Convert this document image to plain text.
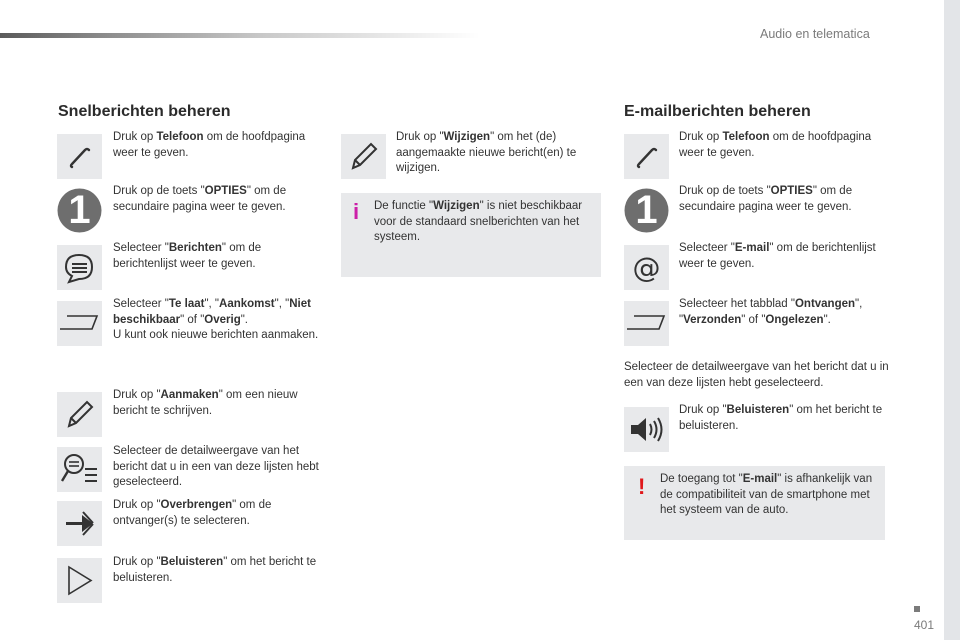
Audio en telematica
Snelberichten beheren
Druk op Telefoon om de hoofdpagina weer te geven.
1	Druk op de toets "OPTIES" om de secundaire pagina weer te geven.
Selecteer "Berichten" om de berichtenlijst weer te geven.
Selecteer "Te laat", "Aankomst", "Niet beschikbaar" of "Overig".
U kunt ook nieuwe berichten aanmaken.
Druk op "Aanmaken" om een nieuw bericht te schrijven.
Selecteer de detailweergave van het bericht dat u in een van deze lijsten hebt geselecteerd.
Druk op "Overbrengen" om de ontvanger(s) te selecteren.
Druk op "Beluisteren" om het bericht te beluisteren.
Druk op "Wijzigen" om het (de) aangemaakte nieuwe bericht(en) te wijzigen.
i De functie "Wijzigen" is niet beschikbaar voor de standaard snelberichten van het systeem.
E-mailberichten beheren
Druk op Telefoon om de hoofdpagina weer te geven.
1	Druk op de toets "OPTIES" om de secundaire pagina weer te geven.
@
Selecteer "E-mail" om de berichtenlijst weer te geven.
Selecteer het tabblad "Ontvangen", "Verzonden" of "Ongelezen".
Selecteer de detailweergave van het bericht dat u in een van deze lijsten hebt geselecteerd.
Druk op "Beluisteren" om het bericht te beluisteren.
! De toegang tot "E-mail" is afhankelijk van de compatibiliteit van de smartphone met het systeem van de auto.
401
